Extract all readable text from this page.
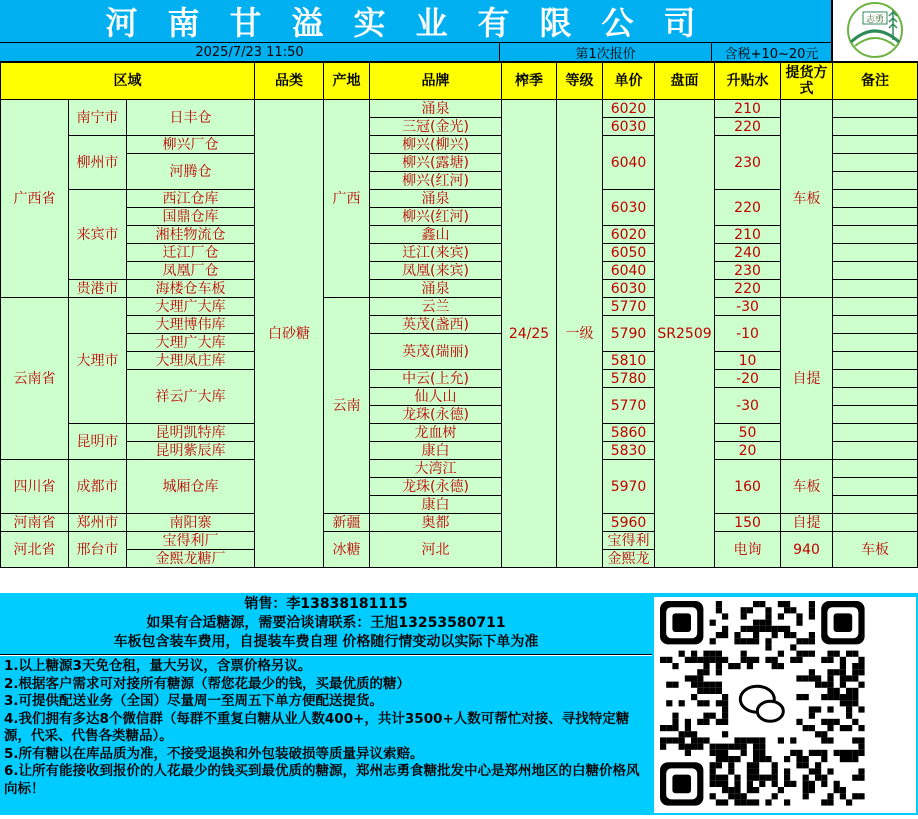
河南甘溢实业有限公司	志勇
2025/7/23 11:50	第1次报价	含税+10~20元
区域			品类	产地	品牌	榨季	等级	单价	盘面	升贴水	提货方式	备注	
广西省	南宁市	日丰仓	白砂糖	广西	涌泉	24/25	一级	6020	SR2509	210	车板		
					三冠(金光)			6030		220			
	柳州市	柳兴厂仓			柳兴(柳兴)			6040		230			
		河腾仓			柳兴(露塘)								
					柳兴(红河)								
	来宾市	西江仓库			涌泉			6030		220			
		国鼎仓库			柳兴(红河)								
		湘桂物流仓			鑫山			6020		210			
		迁江厂仓			迁江(来宾)			6050		240			
		凤凰厂仓			凤凰(来宾)			6040		230			
	贵港市	海楼仓车板			涌泉			6030		220			
云南省	大理市	大理广大库		云南	云兰			5770		-30	自提		
		大理博伟库			英茂(盏西)			5790		-10			
		大理广大库			英茂(瑞丽)								
		大理凤庄库						5810		10			
		祥云广大库			中云(上允)			5780		-20			
					仙人山			5770		-30			
					龙珠(永德)								
	昆明市	昆明凯特库			龙血树			5860		50			
		昆明紫辰库			康白			5830		20			
四川省	成都市	城厢仓库			大湾江			5970		160	车板		
					龙珠(永德)								
					康白								
河南省	郑州市	南阳寨		新疆	奥都			5960		150	自提		
河北省	邢台市	宝得利厂		冰糖	河北			宝得利		电询	940	车板	
		金熙龙糖厂						金熙龙					
销售：李13838181115
如果有合适糖源，需要洽谈请联系：王旭13253580711
车板包含装车费用，自提装车费自理 价格随行情变动以实际下单为准
1.以上糖源3天免仓租，量大另议，含票价格另议。
2.根据客户需求可对接所有糖源（帮您花最少的钱，买最优质的糖）
3.可提供配送业务（全国）尽量周一至周五下单方便配送提货。
4.我们拥有多达8个微信群（每群不重复白糖从业人数400+，共计3500+人数可帮忙对接、寻找特定糖源，代采、代售各类糖品）。
5.所有糖以在库品质为准，不接受退换和外包装破损等质量异议索赔。
6.让所有能接收到报价的人花最少的钱买到最优质的糖源，郑州志勇食糖批发中心是郑州地区的白糖价格风向标！
